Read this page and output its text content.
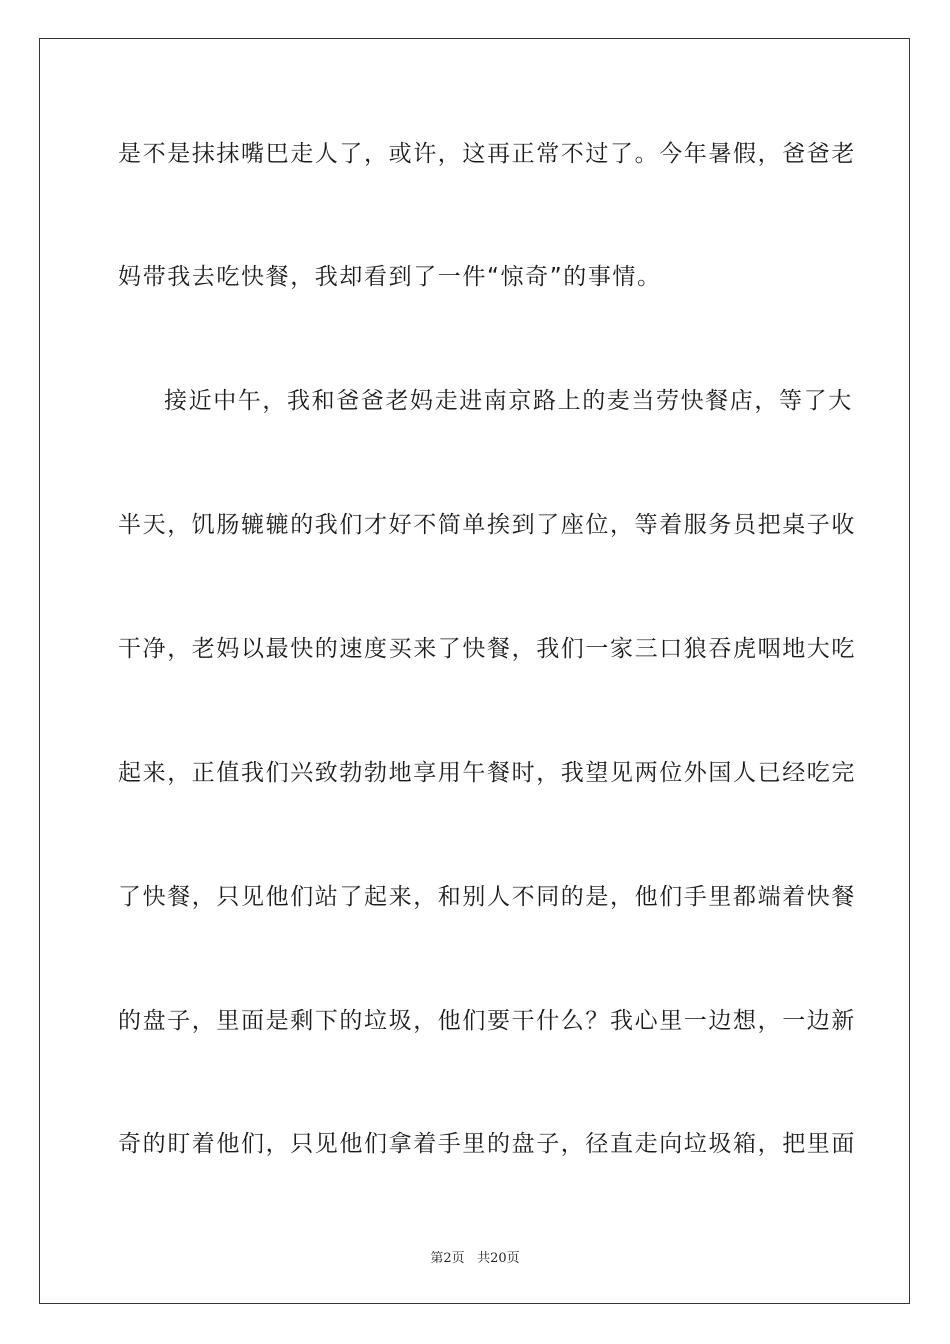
是不是抹抹嘴巴走人了，或许，这再正常不过了。今年暑假，爸爸老
妈带我去吃快餐，我却看到了一件“惊奇”的事情。
接近中午，我和爸爸老妈走进南京路上的麦当劳快餐店，等了大
半天，饥肠辘辘的我们才好不简单挨到了座位，等着服务员把桌子收
干净，老妈以最快的速度买来了快餐，我们一家三口狼吞虎咽地大吃
起来，正值我们兴致勃勃地享用午餐时，我望见两位外国人已经吃完
了快餐，只见他们站了起来，和别人不同的是，他们手里都端着快餐
的盘子，里面是剩下的垃圾，他们要干什么？我心里一边想，一边新
奇的盯着他们，只见他们拿着手里的盘子，径直走向垃圾箱，把里面
第2页 共20页
